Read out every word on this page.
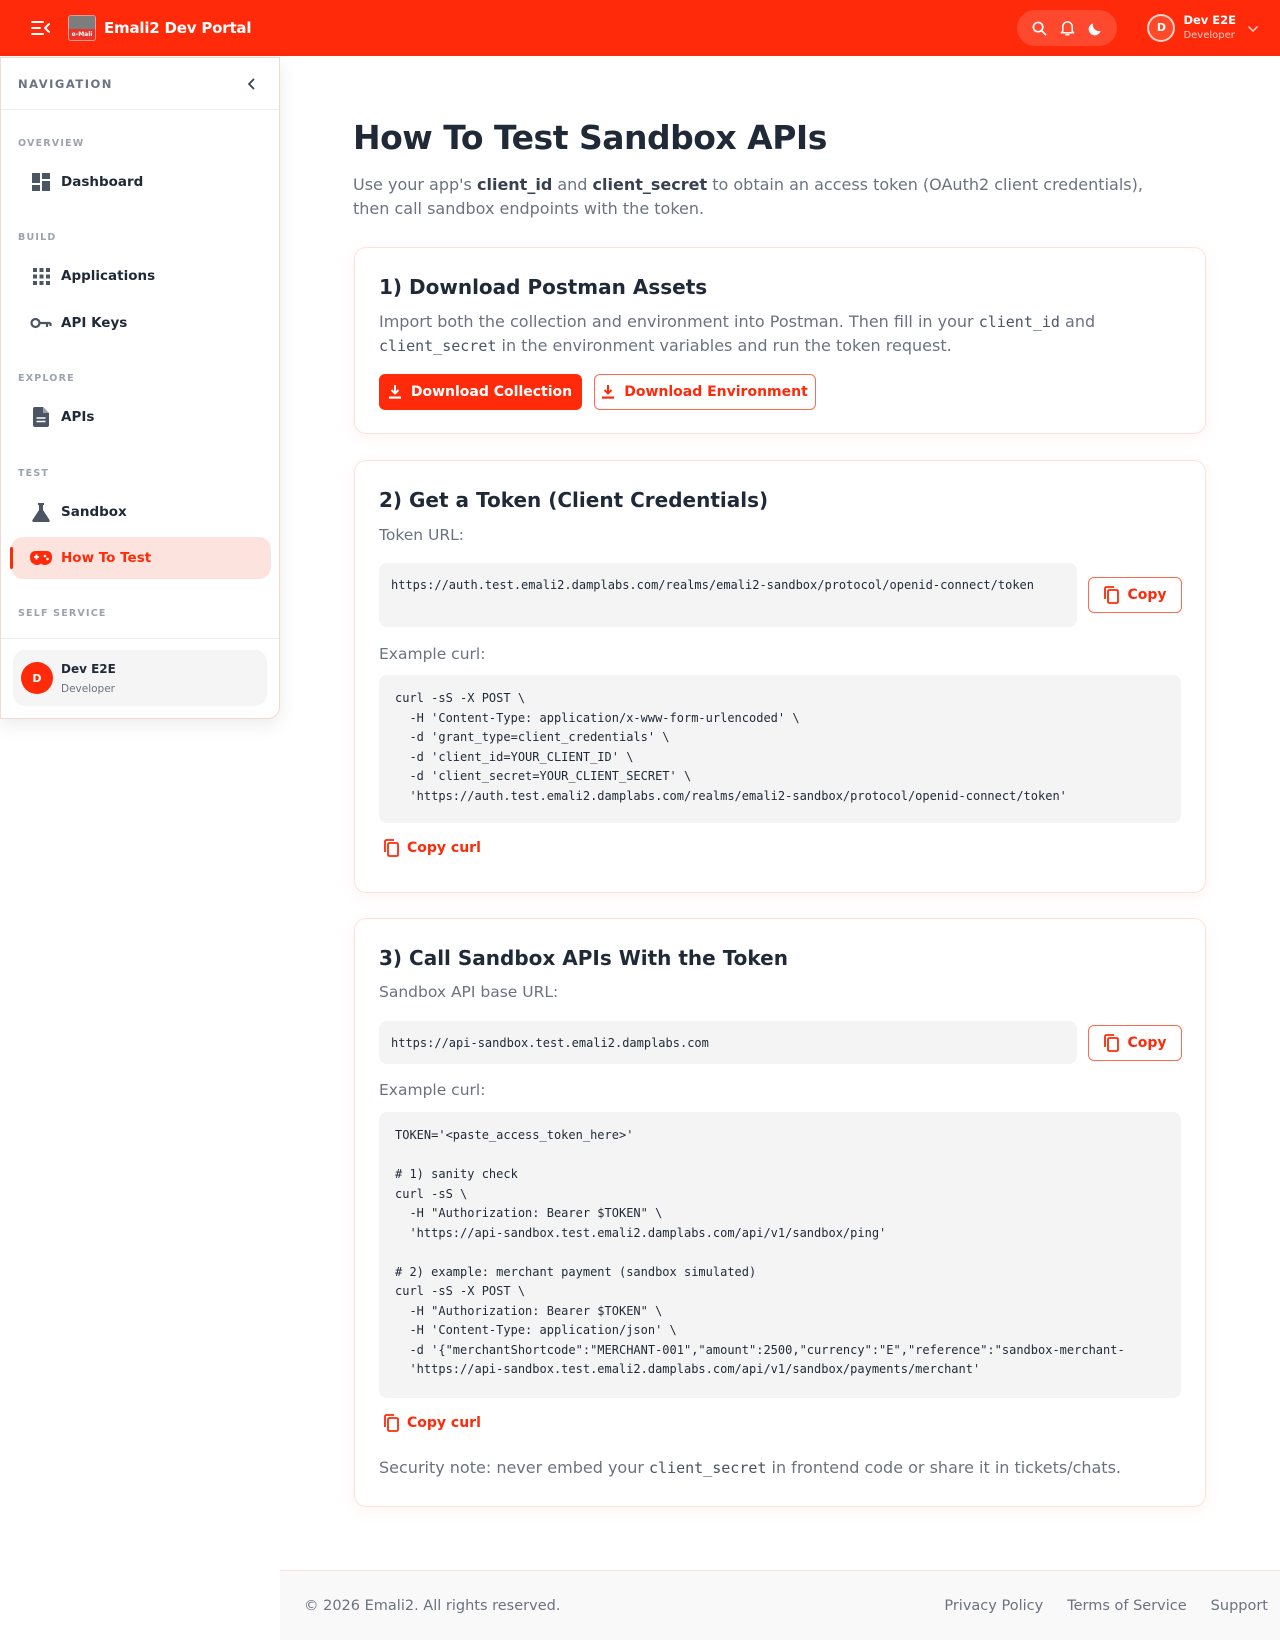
e-Mali Emali2 Dev Portal	D
Dev E2E
Developer
NAVIGATION
OVERVIEW
Dashboard
BUILD
Applications
API Keys
EXPLORE
APIs
TEST
Sandbox
How To Test
SELF SERVICE
D
Dev E2E
Developer
How To Test Sandbox APIs

Use your app's client_id and client_secret to obtain an access token (OAuth2 client credentials), then call sandbox endpoints with the token.

1) Download Postman Assets

Import both the collection and environment into Postman. Then fill in your client_id and client_secret in the environment variables and run the token request.

Download Collection	Download Environment
2) Get a Token (Client Credentials)
Token URL:
https://auth.test.emali2.damplabs.com/realms/emali2-sandbox/protocol/openid-connect/token
Copy
Example curl:
curl -sS -X POST \
-H 'Content-Type: application/x-www-form-urlencoded' \
-d 'grant_type=client_credentials' \
-d 'client_id=YOUR_CLIENT_ID' \
-d 'client_secret=YOUR_CLIENT_SECRET' \
'https://auth.test.emali2.damplabs.com/realms/emali2-sandbox/protocol/openid-connect/token'
Copy curl
3) Call Sandbox APIs With the Token
Sandbox API base URL:
https://api-sandbox.test.emali2.damplabs.com	Copy
Example curl:
TOKEN='<paste_access_token_here>'

# 1) sanity check
curl -sS \
-H "Authorization: Bearer $TOKEN" \
'https://api-sandbox.test.emali2.damplabs.com/api/v1/sandbox/ping'

# 2) example: merchant payment (sandbox simulated)
curl -sS -X POST \
-H "Authorization: Bearer $TOKEN" \
-H 'Content-Type: application/json' \
-d '{"merchantShortcode":"MERCHANT-001","amount":2500,"currency":"E","reference":"sandbox-merchant-
'https://api-sandbox.test.emali2.damplabs.com/api/v1/sandbox/payments/merchant'
Copy curl

Security note: never embed your client_secret in frontend code or share it in tickets/chats.

© 2026 Emali2. All rights reserved.	Privacy Policy Terms of Service Support
